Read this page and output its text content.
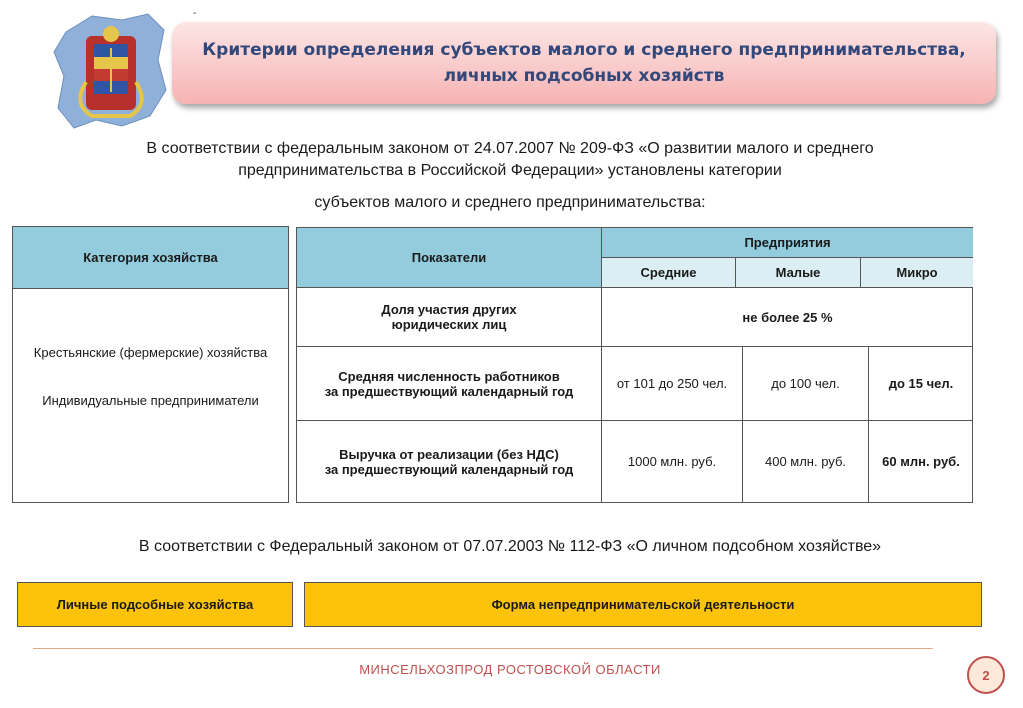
-
Критерии определения субъектов малого и среднего предпринимательства,
личных подсобных хозяйств
В соответствии с федеральным законом от 24.07.2007 № 209-ФЗ «О развитии малого и среднего
предпринимательства в Российской Федерации» установлены категории
субъектов малого и среднего предпринимательства:
Категория хозяйства
Крестьянские (фермерские) хозяйства
Индивидуальные предприниматели
Показатели
Предприятия
Средние	Малые	Микро
Доля участия других
юридических лиц	не более 25 %
Средняя численность работников
за предшествующий календарный год	от 101 до 250 чел.	до 100 чел.	до 15 чел.
Выручка от реализации (без НДС)
за предшествующий календарный год	1000 млн. руб.	400 млн. руб.	60 млн. руб.
В соответствии с Федеральный законом от 07.07.2003 № 112-ФЗ «О личном подсобном хозяйстве»
Личные подсобные хозяйства	Форма непредпринимательской деятельности
МИНСЕЛЬХОЗПРОД РОСТОВСКОЙ ОБЛАСТИ	2
